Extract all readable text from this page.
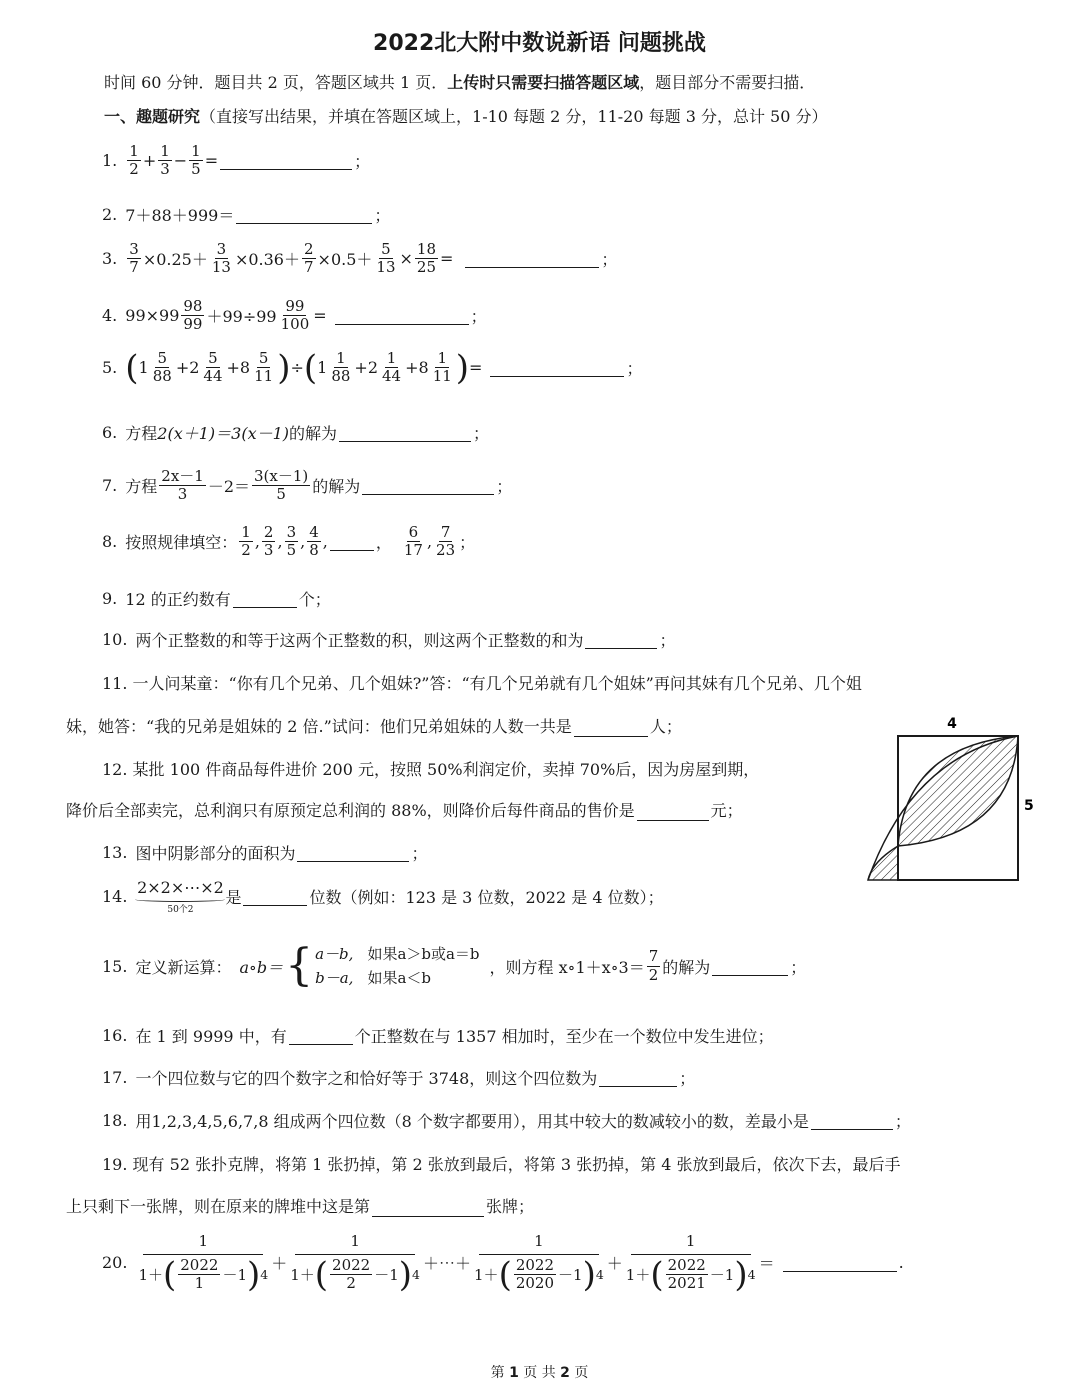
2022北大附中数说新语 问题挑战
时间 60 分钟．题目共 2 页，答题区域共 1 页．上传时只需要扫描答题区域，题目部分不需要扫描．
一、趣题研究（直接写出结果，并填在答题区域上，1-10 每题 2 分，11-20 每题 3 分，总计 50 分）
1.
1
2 +
1
3 −
1
5 =	；
2. 7＋88＋999＝	；
3. $\frac{3}{7} \times 0.25+ \frac{3}{13} \times 0.36+ \frac{2}{7} \times 0.5+ \frac{5}{13} \times \frac{18}{25}$ =	；
4. 99×99
98
99 ＋99÷99
99
100 =	；
5. ( 1
5
88 + 2
5
44 + 8
5
11 ) ÷ ( 1
1
88 + 2
1
44 + 8
1
11 ) =	；
6. 方程 2(x＋1)＝3(x－1) 的解为	；
7. 方程
2x－1
3 －2＝
3(x－1)
5 的解为	；
8. 按照规律填空：
1
2 ,
2
3 ,
3
5 ,
4
8 ,	，
6
17 ,
7
23 ；
9. 12 的正约数有	个；
10. 两个正整数的和等于这两个正整数的积，则这两个正整数的和为	；
11. 一人问某童：“你有几个兄弟、几个姐妹?”答：“有几个兄弟就有几个姐妹”再问其妹有几个兄弟、几个姐
妹，她答：“我的兄弟是姐妹的 2 倍.”试问：他们兄弟姐妹的人数一共是	人；
12. 某批 100 件商品每件进价 200 元，按照 50%利润定价，卖掉 70%后，因为房屋到期，
降价后全部卖完，总利润只有原预定总利润的 88%，则降价后每件商品的售价是	元；
13. 图中阴影部分的面积为	；
4
5
14. 2×2×⋯×2
50个2
是	位数（例如：123 是 3 位数，2022 是 4 位数）；
15. 定义新运算： a∘b＝ { a－b, 如果a＞b或a＝b
b－a, 如果a＜b
，则方程 x∘1＋x∘3＝
7
2 的解为	；
16. 在 1 到 9999 中，有	个正整数在与 1357 相加时，至少在一个数位中发生进位；
17. 一个四位数与它的四个数字之和恰好等于 3748，则这个四位数为	；
18. 用1,2,3,4,5,6,7,8 组成两个四位数（8 个数字都要用），用其中较大的数减较小的数，差最小是	；
19. 现有 52 张扑克牌，将第 1 张扔掉，第 2 张放到最后，将第 3 张扔掉，第 4 张放到最后，依次下去，最后手
上只剩下一张牌，则在原来的牌堆中这是第	张牌；
20.
1
1＋ ( 2022
1 －1 ) 4
＋
1
1＋ ( 2022
2 －1 ) 4
＋⋯＋
1
1＋ ( 2022
2020 －1 ) 4
＋
1
1＋ ( 2022
2021 －1 ) 4
＝	.
第 1 页 共 2 页
